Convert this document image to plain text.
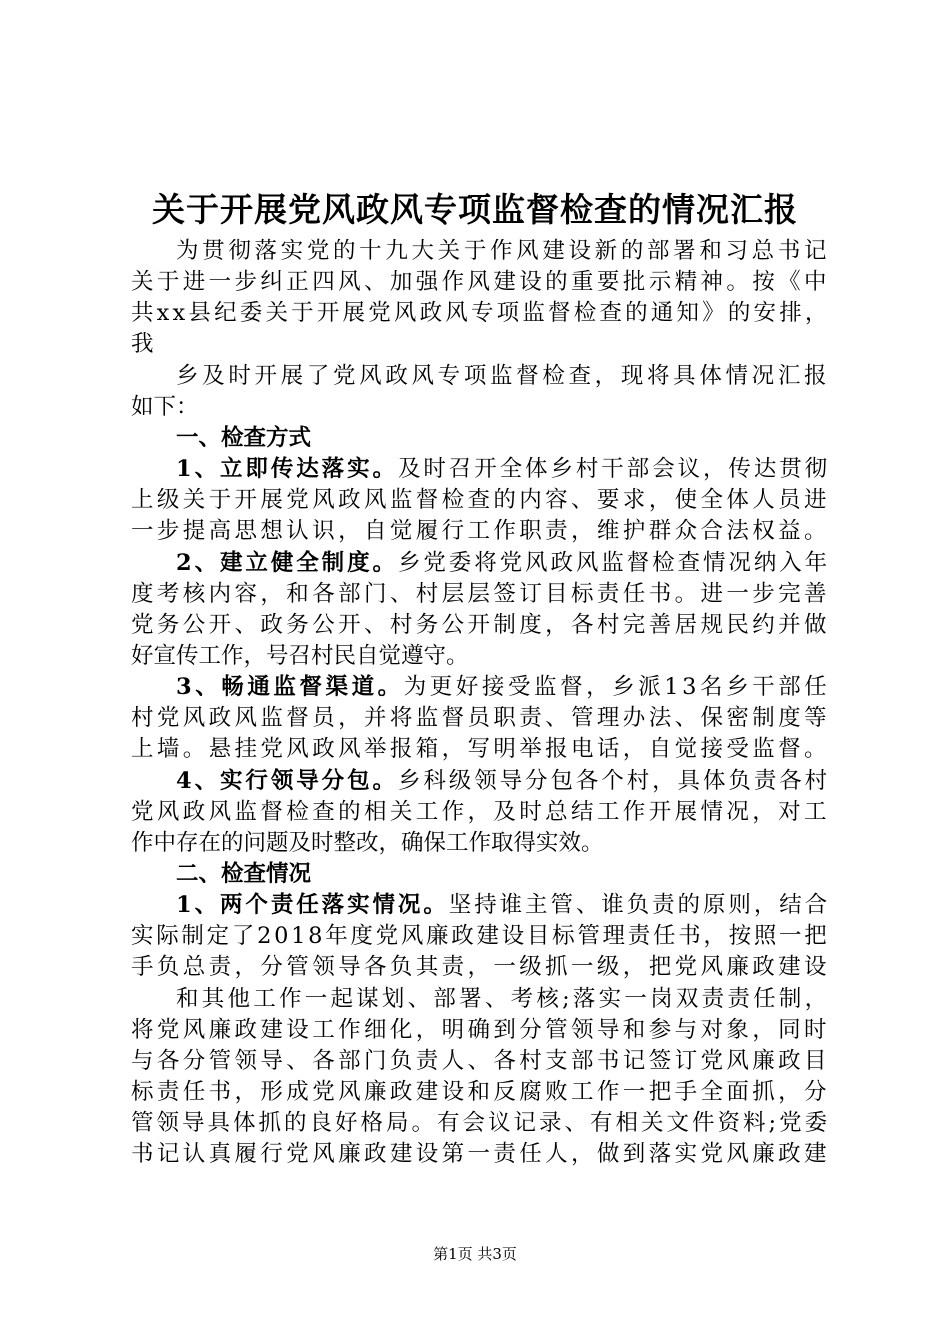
关于开展党风政风专项监督检查的情况汇报
为贯彻落实党的十九大关于作风建设新的部署和习总书记
关于进一步纠正四风、加强作风建设的重要批示精神。按《中
共xx县纪委关于开展党风政风专项监督检查的通知》的安排，
我
乡及时开展了党风政风专项监督检查，现将具体情况汇报
如下：
一、检查方式
1、立即传达落实。及时召开全体乡村干部会议，传达贯彻
上级关于开展党风政风监督检查的内容、要求，使全体人员进
一步提高思想认识，自觉履行工作职责，维护群众合法权益。
2、建立健全制度。乡党委将党风政风监督检查情况纳入年
度考核内容，和各部门、村层层签订目标责任书。进一步完善
党务公开、政务公开、村务公开制度，各村完善居规民约并做
好宣传工作，号召村民自觉遵守。
3、畅通监督渠道。为更好接受监督，乡派13名乡干部任
村党风政风监督员，并将监督员职责、管理办法、保密制度等
上墙。悬挂党风政风举报箱，写明举报电话，自觉接受监督。
4、实行领导分包。乡科级领导分包各个村，具体负责各村
党风政风监督检查的相关工作，及时总结工作开展情况，对工
作中存在的问题及时整改，确保工作取得实效。
二、检查情况
1、两个责任落实情况。坚持谁主管、谁负责的原则，结合
实际制定了2018年度党风廉政建设目标管理责任书，按照一把
手负总责，分管领导各负其责，一级抓一级，把党风廉政建设
和其他工作一起谋划、部署、考核;落实一岗双责责任制，
将党风廉政建设工作细化，明确到分管领导和参与对象，同时
与各分管领导、各部门负责人、各村支部书记签订党风廉政目
标责任书，形成党风廉政建设和反腐败工作一把手全面抓，分
管领导具体抓的良好格局。有会议记录、有相关文件资料;党委
书记认真履行党风廉政建设第一责任人，做到落实党风廉政建
第1页 共3页
